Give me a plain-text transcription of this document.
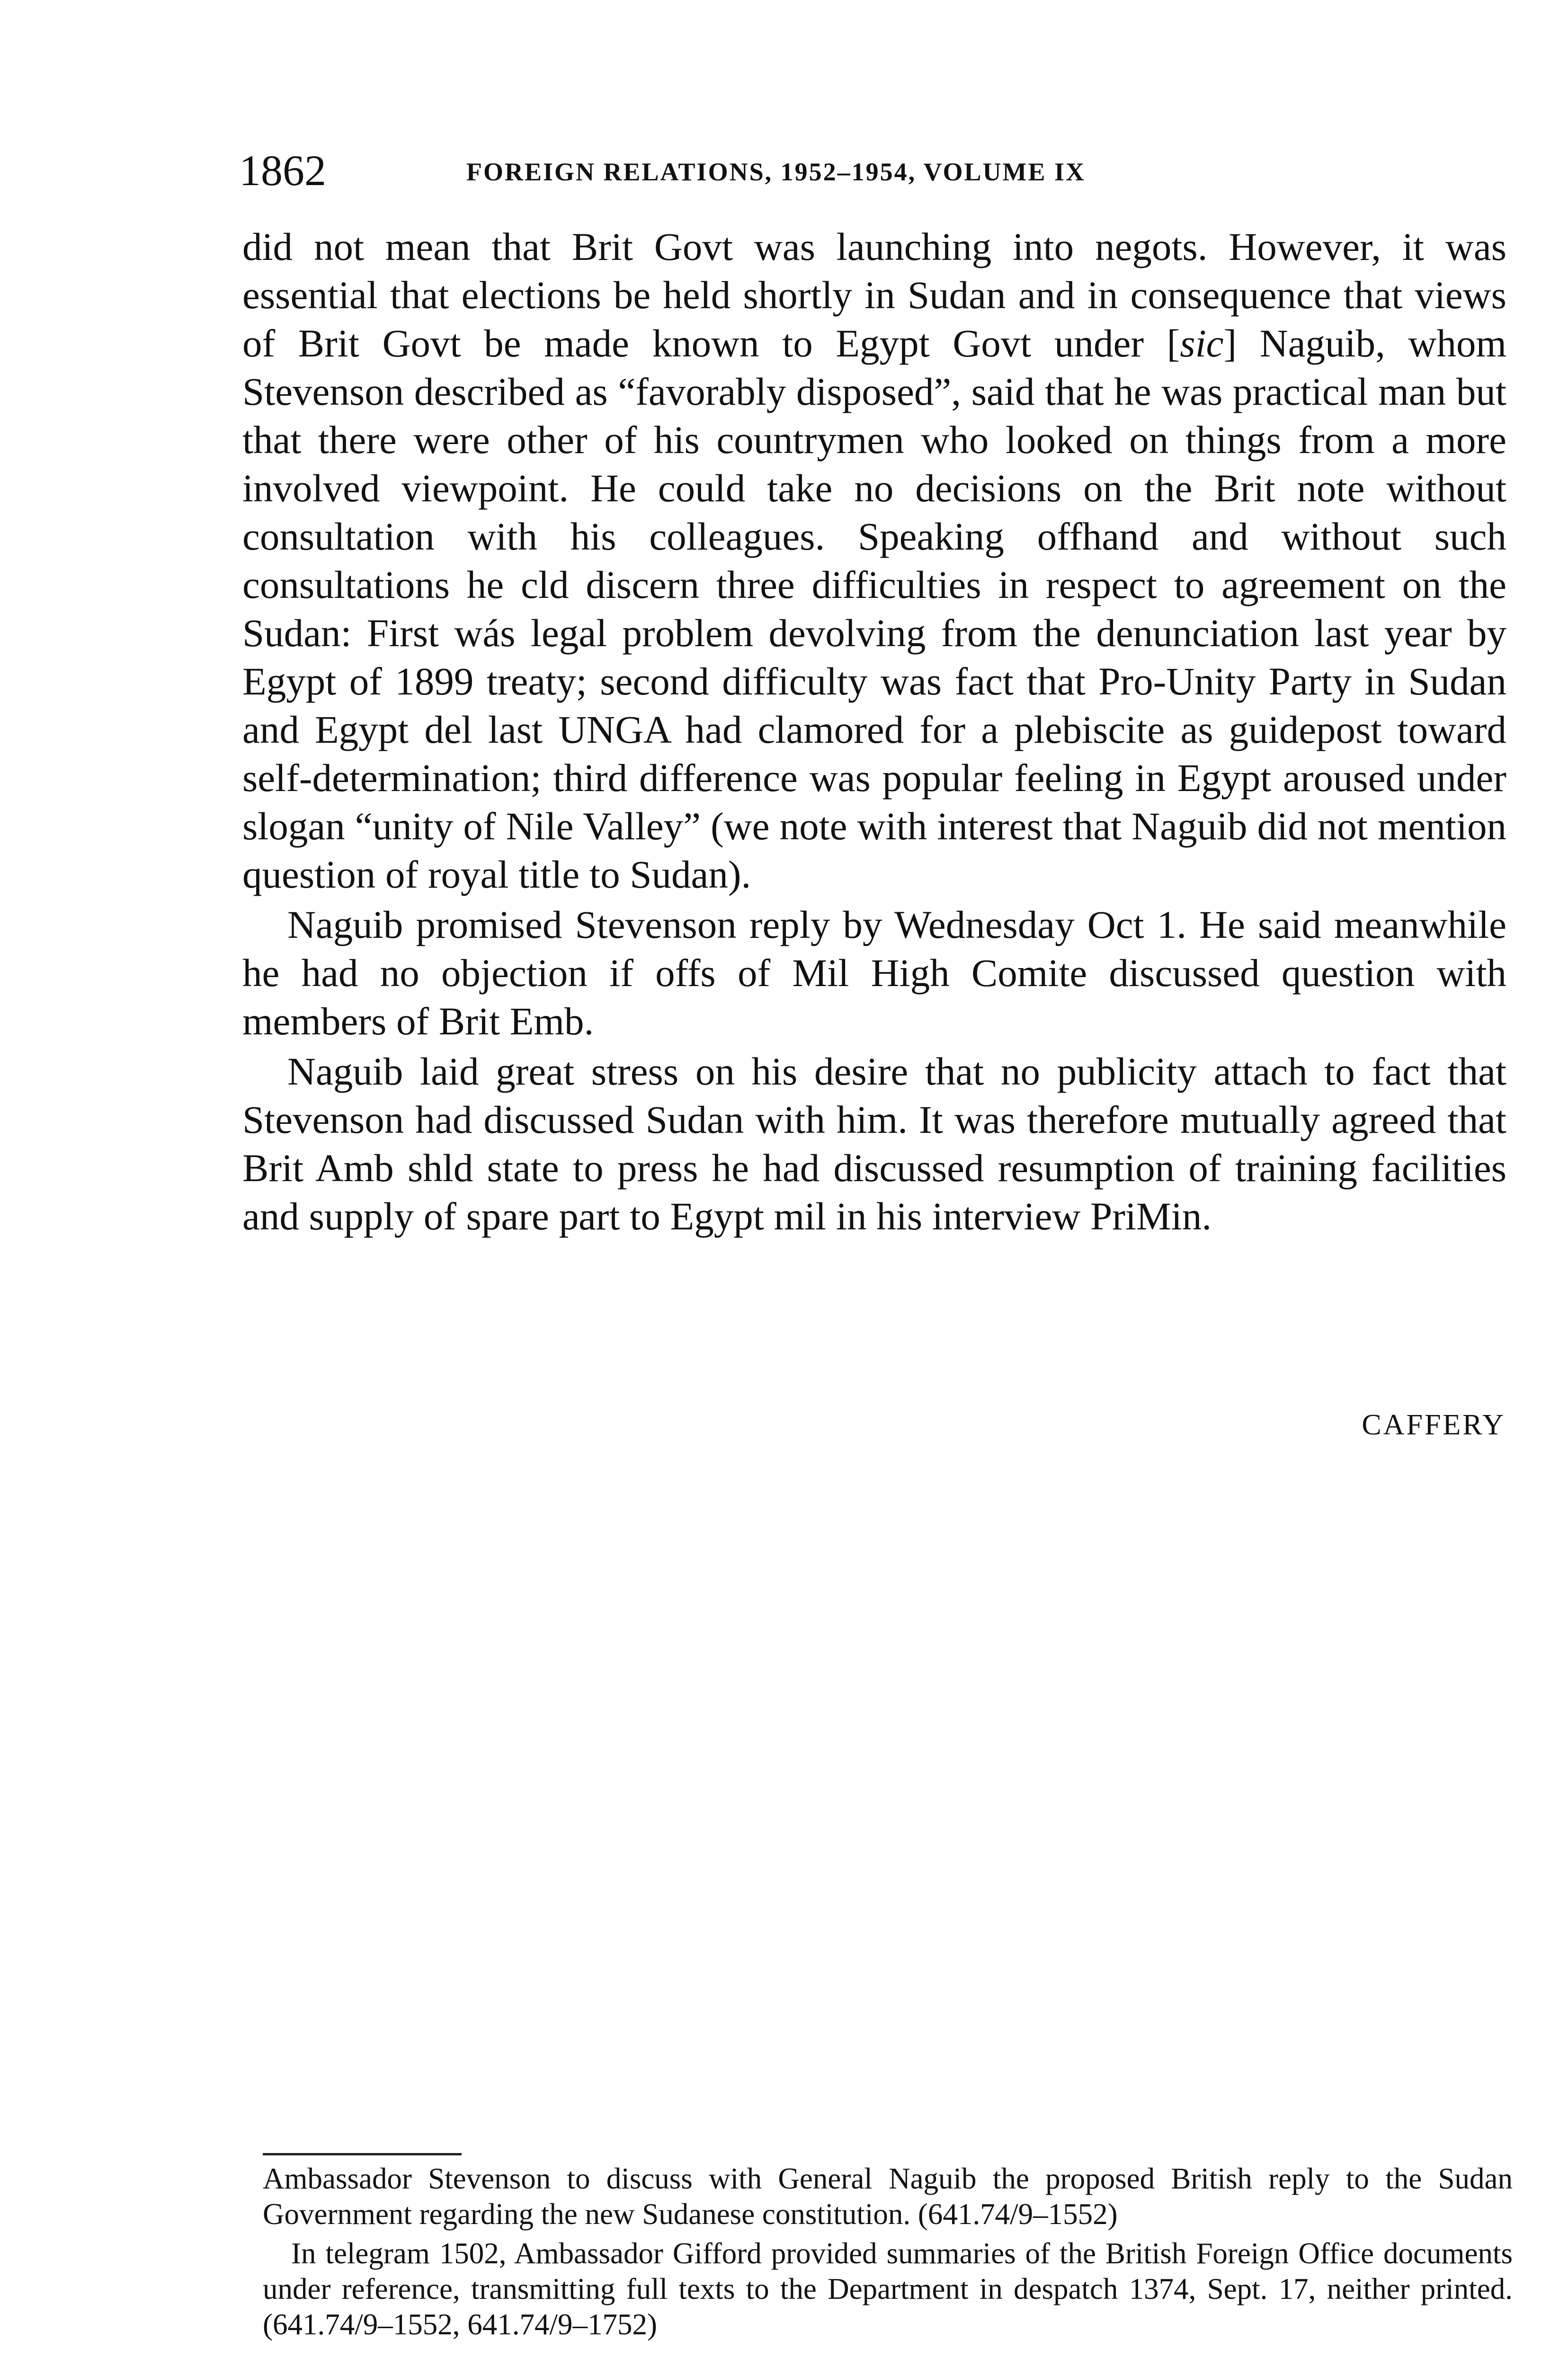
1862	FOREIGN RELATIONS, 1952–1954, VOLUME IX

did not mean that Brit Govt was launching into negots. However, it was essential that elections be held shortly in Sudan and in consequence that views of Brit Govt be made known to Egypt Govt under [sic] Naguib, whom Stevenson described as “favorably disposed”, said that he was practical man but that there were other of his countrymen who looked on things from a more involved viewpoint. He could take no decisions on the Brit note without consultation with his colleagues. Speaking offhand and without such consultations he cld discern three difficulties in respect to agreement on the Sudan: First wás legal problem devolving from the denunciation last year by Egypt of 1899 treaty; second difficulty was fact that Pro-Unity Party in Sudan and Egypt del last UNGA had clamored for a plebiscite as guidepost toward self-determination; third difference was popular feeling in Egypt aroused under slogan “unity of Nile Valley” (we note with interest that Naguib did not mention question of royal title to Sudan).

Naguib promised Stevenson reply by Wednesday Oct 1. He said meanwhile he had no objection if offs of Mil High Comite discussed question with members of Brit Emb.

Naguib laid great stress on his desire that no publicity attach to fact that Stevenson had discussed Sudan with him. It was therefore mutually agreed that Brit Amb shld state to press he had discussed resumption of training facilities and supply of spare part to Egypt mil in his interview PriMin.

CAFFERY

Ambassador Stevenson to discuss with General Naguib the proposed British reply to the Sudan Government regarding the new Sudanese constitution. (641.74/9–1552)

In telegram 1502, Ambassador Gifford provided summaries of the British Foreign Office documents under reference, transmitting full texts to the Department in despatch 1374, Sept. 17, neither printed. (641.74/9–1552, 641.74/9–1752)
